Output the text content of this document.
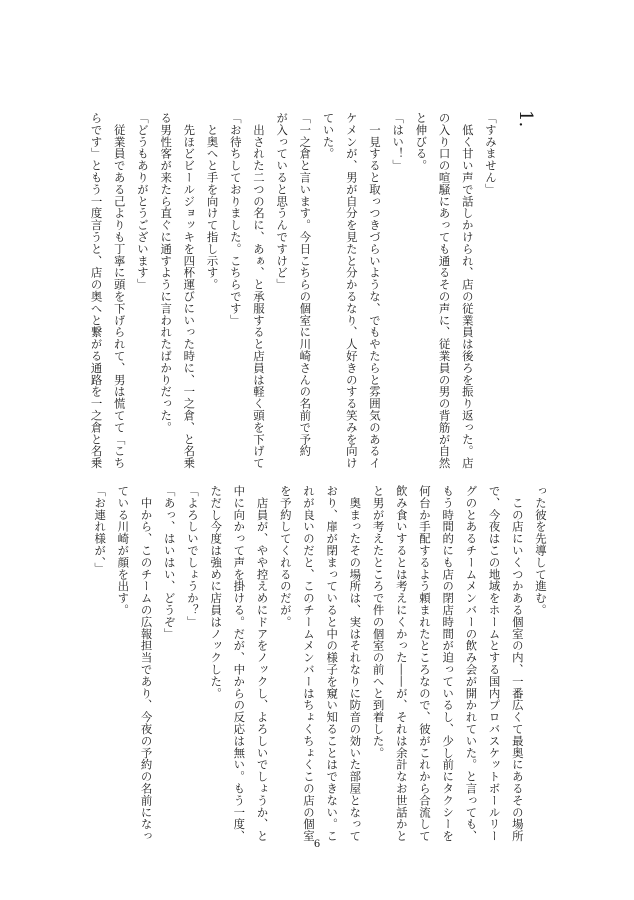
1.
「すみません」
　低く甘い声で話しかけられ、店の従業員は後ろを振り返った。店
の入り口の喧騒にあっても通るその声に、従業員の男の背筋が自然
と伸びる。
「はい！」
　一見すると取っつきづらいような、でもやたらと雰囲気のあるイ
ケメンが、男が自分を見たと分かるなり、人好きのする笑みを向け
ていた。
「一之倉と言います。今日こちらの個室に川崎さんの名前で予約
が入っていると思うんですけど」
　出された二つの名に、あぁ、と承服すると店員は軽く頭を下げて
「お待ちしておりました。こちらです」
　と奥へと手を向けて指し示す。
　先ほどビールジョッキを四杯運びにいった時に、一之倉、と名乗
る男性客が来たら直ぐに通すように言われたばかりだった。
「どうもありがとうございます」
　従業員である己よりも丁寧に頭を下げられて、男は慌てて「こち
らです」ともう一度言うと、店の奥へと繋がる通路を一之倉と名乗
った彼を先導して進む。
　この店にいくつかある個室の内、一番広くて最奥にあるその場所
で、今夜はこの地域をホームとする国内プロバスケットボールリー
グのとあるチームメンバーの飲み会が開かれていた。と言っても、
もう時間的にも店の閉店時間が迫っているし、少し前にタクシーを
何台か手配するよう頼まれたところなので、彼がこれから合流して
飲み食いするとは考えにくかった――が、それは余計なお世話かと
と男が考えたところで件の個室の前へと到着した。
　奥まったその場所は、実はそれなりに防音の効いた部屋となって
おり、扉が閉まっていると中の様子を窺い知ることはできない。こ
れが良いのだと、このチームメンバーはちょくちょくこの店の個室
を予約してくれるのだが。
　店員が、やや控えめにドアをノックし、よろしいでしょうか、と
中に向かって声を掛ける。だが、中からの反応は無い。もう一度、
ただし今度は強めに店員はノックした。
「よろしいでしょうか？」
「あっ、はいはい、どうぞ」
　中から、このチームの広報担当であり、今夜の予約の名前になっ
ている川崎が顔を出す。
「お連れ様が、」
6
